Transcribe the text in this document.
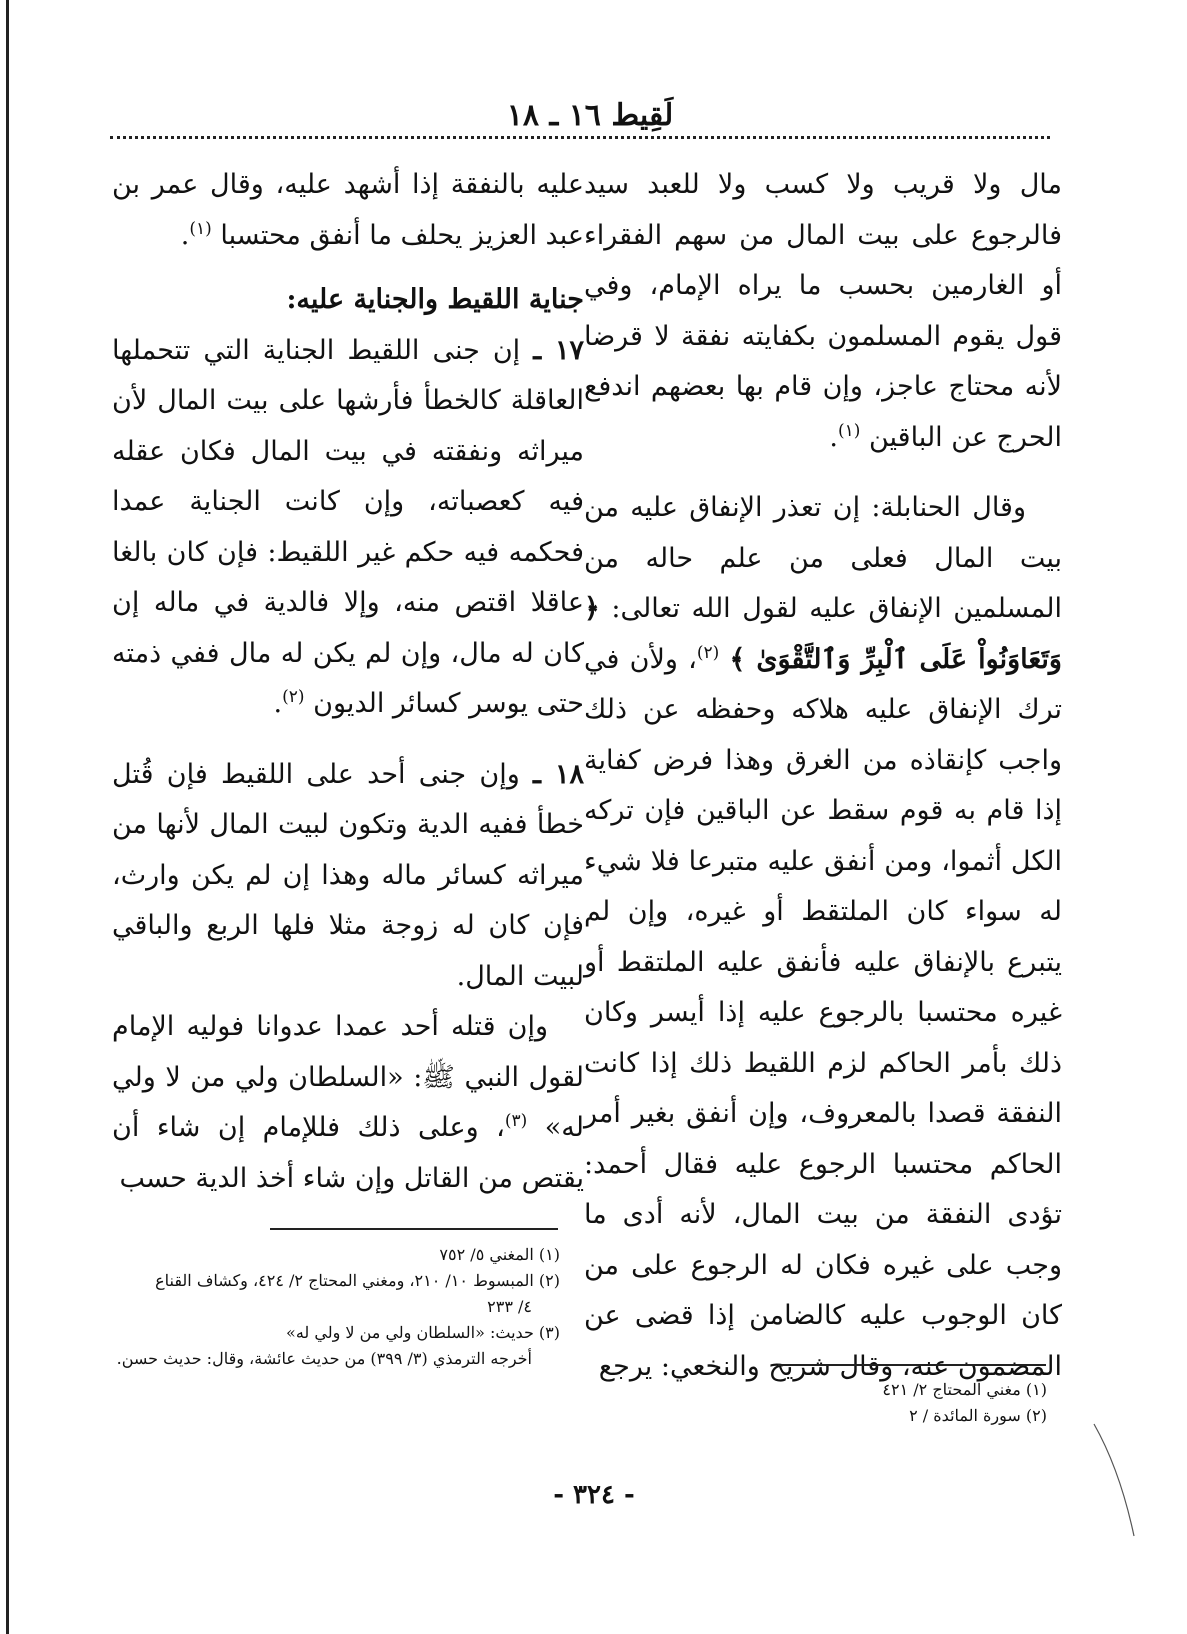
لَقِيط ١٦ ـ ١٨

مال ولا قريب ولا كسب ولا للعبد سيد فالرجوع على بيت المال من سهم الفقراء أو الغارمين بحسب ما يراه الإمام، وفي قول يقوم المسلمون بكفايته نفقة لا قرضا لأنه محتاج عاجز، وإن قام بها بعضهم اندفع الحرج عن الباقين $^{(١)}$.

وقال الحنابلة: إن تعذر الإنفاق عليه من بيت المال فعلى من علم حاله من المسلمين الإنفاق عليه لقول الله تعالى: ﴿ وَتَعَاوَنُواْ عَلَى ٱلْبِرِّ وَٱلتَّقْوَىٰ ﴾ $^{(٢)}$، ولأن في ترك الإنفاق عليه هلاكه وحفظه عن ذلك واجب كإنقاذه من الغرق وهذا فرض كفاية إذا قام به قوم سقط عن الباقين فإن تركه الكل أثموا، ومن أنفق عليه متبرعا فلا شيء له سواء كان الملتقط أو غيره، وإن لم يتبرع بالإنفاق عليه فأنفق عليه الملتقط أو غيره محتسبا بالرجوع عليه إذا أيسر وكان ذلك بأمر الحاكم لزم اللقيط ذلك إذا كانت النفقة قصدا بالمعروف، وإن أنفق بغير أمر الحاكم محتسبا الرجوع عليه فقال أحمد: تؤدى النفقة من بيت المال، لأنه أدى ما وجب على غيره فكان له الرجوع على من كان الوجوب عليه كالضامن إذا قضى عن المضمون عنه، وقال شريح والنخعي: يرجع

عليه بالنفقة إذا أشهد عليه، وقال عمر بن عبد العزيز يحلف ما أنفق محتسبا $^{(١)}$.

جناية اللقيط والجناية عليه:

١٧ ـ إن جنى اللقيط الجناية التي تتحملها العاقلة كالخطأ فأرشها على بيت المال لأن ميراثه ونفقته في بيت المال فكان عقله فيه كعصباته، وإن كانت الجناية عمدا فحكمه فيه حكم غير اللقيط: فإن كان بالغا عاقلا اقتص منه، وإلا فالدية في ماله إن كان له مال، وإن لم يكن له مال ففي ذمته حتى يوسر كسائر الديون $^{(٢)}$.

١٨ ـ وإن جنى أحد على اللقيط فإن قُتل خطأ ففيه الدية وتكون لبيت المال لأنها من ميراثه كسائر ماله وهذا إن لم يكن وارث، فإن كان له زوجة مثلا فلها الربع والباقي لبيت المال.

وإن قتله أحد عمدا عدوانا فوليه الإمام لقول النبي ﷺ: «السلطان ولي من لا ولي له» $^{(٣)}$، وعلى ذلك فللإمام إن شاء أن يقتص من القاتل وإن شاء أخذ الدية حسب

(١) المغني ٥/ ٧٥٢

(٢) المبسوط ١٠/ ٢١٠، ومغني المحتاج ٢/ ٤٢٤، وكشاف القناع

٤/ ٢٣٣

(٣) حديث: «السلطان ولي من لا ولي له»

أخرجه الترمذي (٣/ ٣٩٩) من حديث عائشة، وقال: حديث حسن.

(١) مغني المحتاج ٢/ ٤٢١

(٢) سورة المائدة / ٢

- ٣٢٤ -
